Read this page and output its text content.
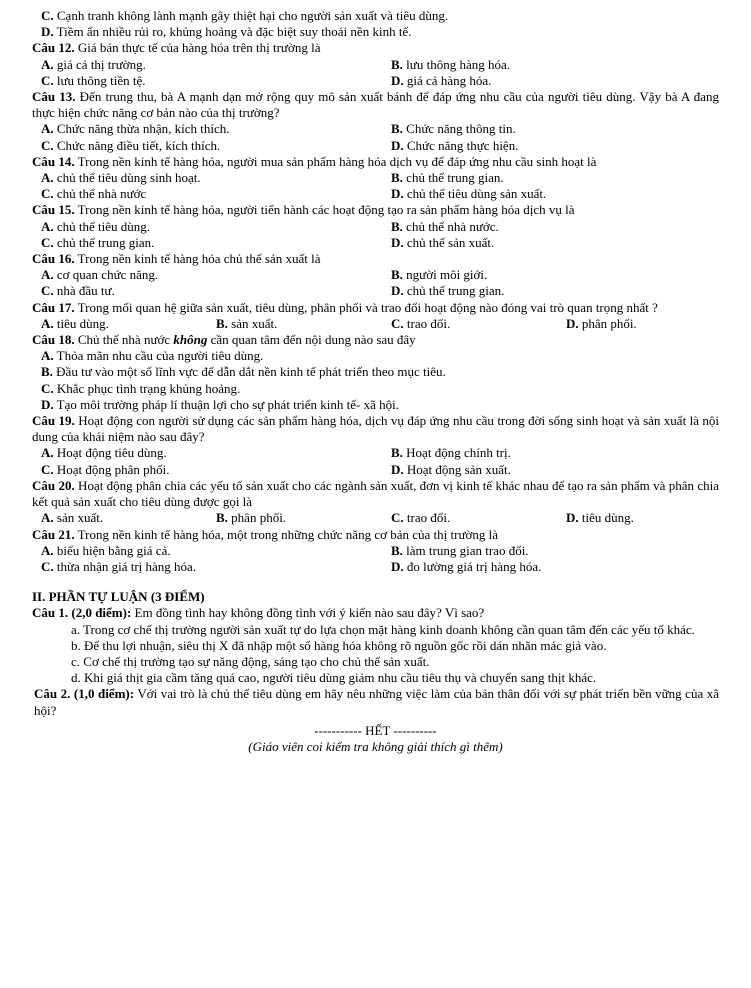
C. Cạnh tranh không lành mạnh gây thiệt hại cho người sản xuất và tiêu dùng.
D. Tiềm ẩn nhiều rủi ro, khủng hoảng và đặc biệt suy thoái nền kinh tế.
Câu 12. Giá bán thực tế của hàng hóa trên thị trường là
A. giá cả thị trường.	B. lưu thông hàng hóa.
C. lưu thông tiền tệ.	D. giá cả hàng hóa.
Câu 13. Đến trung thu, bà A mạnh dạn mở rộng quy mô sản xuất bánh để đáp ứng nhu cầu của người tiêu dùng. Vậy bà A đang thực hiện chức năng cơ bản nào của thị trường?
A. Chức năng thừa nhận, kích thích.	B. Chức năng thông tin.
C. Chức năng điều tiết, kích thích.	D. Chức năng thực hiện.
Câu 14. Trong nền kinh tế hàng hóa, người mua sản phẩm hàng hóa dịch vụ để đáp ứng nhu cầu sinh hoạt là
A. chủ thể tiêu dùng sinh hoạt.	B. chủ thể trung gian.
C. chủ thể nhà nước	D. chủ thể tiêu dùng sản xuất.
Câu 15. Trong nền kinh tế hàng hóa, người tiến hành các hoạt động tạo ra sản phẩm hàng hóa dịch vụ là
A. chủ thể tiêu dùng.	B. chủ thể nhà nước.
C. chủ thể trung gian.	D. chủ thể sản xuất.
Câu 16. Trong nền kinh tế hàng hóa chủ thể sản xuất là
A. cơ quan chức năng.	B. người môi giới.
C. nhà đầu tư.	D. chủ thể trung gian.
Câu 17. Trong mối quan hệ giữa sản xuất, tiêu dùng, phân phối và trao đổi hoạt động nào đóng vai trò quan trọng nhất ?
A. tiêu dùng.	B. sản xuất.	C. trao đổi.	D. phân phối.
Câu 18. Chủ thể nhà nước không cần quan tâm đến nội dung nào sau đây
A. Thỏa mãn nhu cầu của người tiêu dùng.
B. Đầu tư vào một số lĩnh vực để dẫn dắt nền kinh tế phát triển theo mục tiêu.
C. Khắc phục tình trạng khủng hoảng.
D. Tạo môi trường pháp lí thuận lợi cho sự phát triển kinh tế- xã hội.
Câu 19. Hoạt động con người sử dụng các sản phẩm hàng hóa, dịch vụ đáp ứng nhu cầu trong đời sống sinh hoạt và sản xuất là nội dung của khái niệm nào sau đây?
A. Hoạt động tiêu dùng.	B. Hoạt động chính trị.
C. Hoạt động phân phối.	D. Hoạt động sản xuất.
Câu 20. Hoạt động phân chia các yếu tố sản xuất cho các ngành sản xuất, đơn vị kinh tế khác nhau để tạo ra sản phẩm và phân chia kết quả sản xuất cho tiêu dùng được gọi là
A. sản xuất.	B. phân phối.	C. trao đổi.	D. tiêu dùng.
Câu 21. Trong nền kinh tế hàng hóa, một trong những chức năng cơ bản của thị trường là
A. biểu hiện bằng giá cả.	B. làm trung gian trao đổi.
C. thừa nhận giá trị hàng hóa.	D. đo lường giá trị hàng hóa.
II. PHẦN TỰ LUẬN (3 ĐIỂM)
Câu 1. (2,0 điểm): Em đồng tình hay không đồng tình với ý kiến nào sau đây? Vì sao?
a. Trong cơ chế thị trường người sản xuất tự do lựa chọn mặt hàng kinh doanh không cần quan tâm đến các yếu tố khác.
b. Để thu lợi nhuận, siêu thị X đã nhập một số hàng hóa không rõ nguồn gốc rồi dán nhãn mác giả vào.
c. Cơ chế thị trường tạo sự năng động, sáng tạo cho chủ thể sản xuất.
d. Khi giá thịt gia cầm tăng quá cao, người tiêu dùng giảm nhu cầu tiêu thụ và chuyển sang thịt khác.
Câu 2. (1,0 điểm): Với vai trò là chủ thể tiêu dùng em hãy nêu những việc làm của bản thân đối với sự phát triển bền vững của xã hội?
----------- HẾT ----------
(Giáo viên coi kiểm tra không giải thích gì thêm)
